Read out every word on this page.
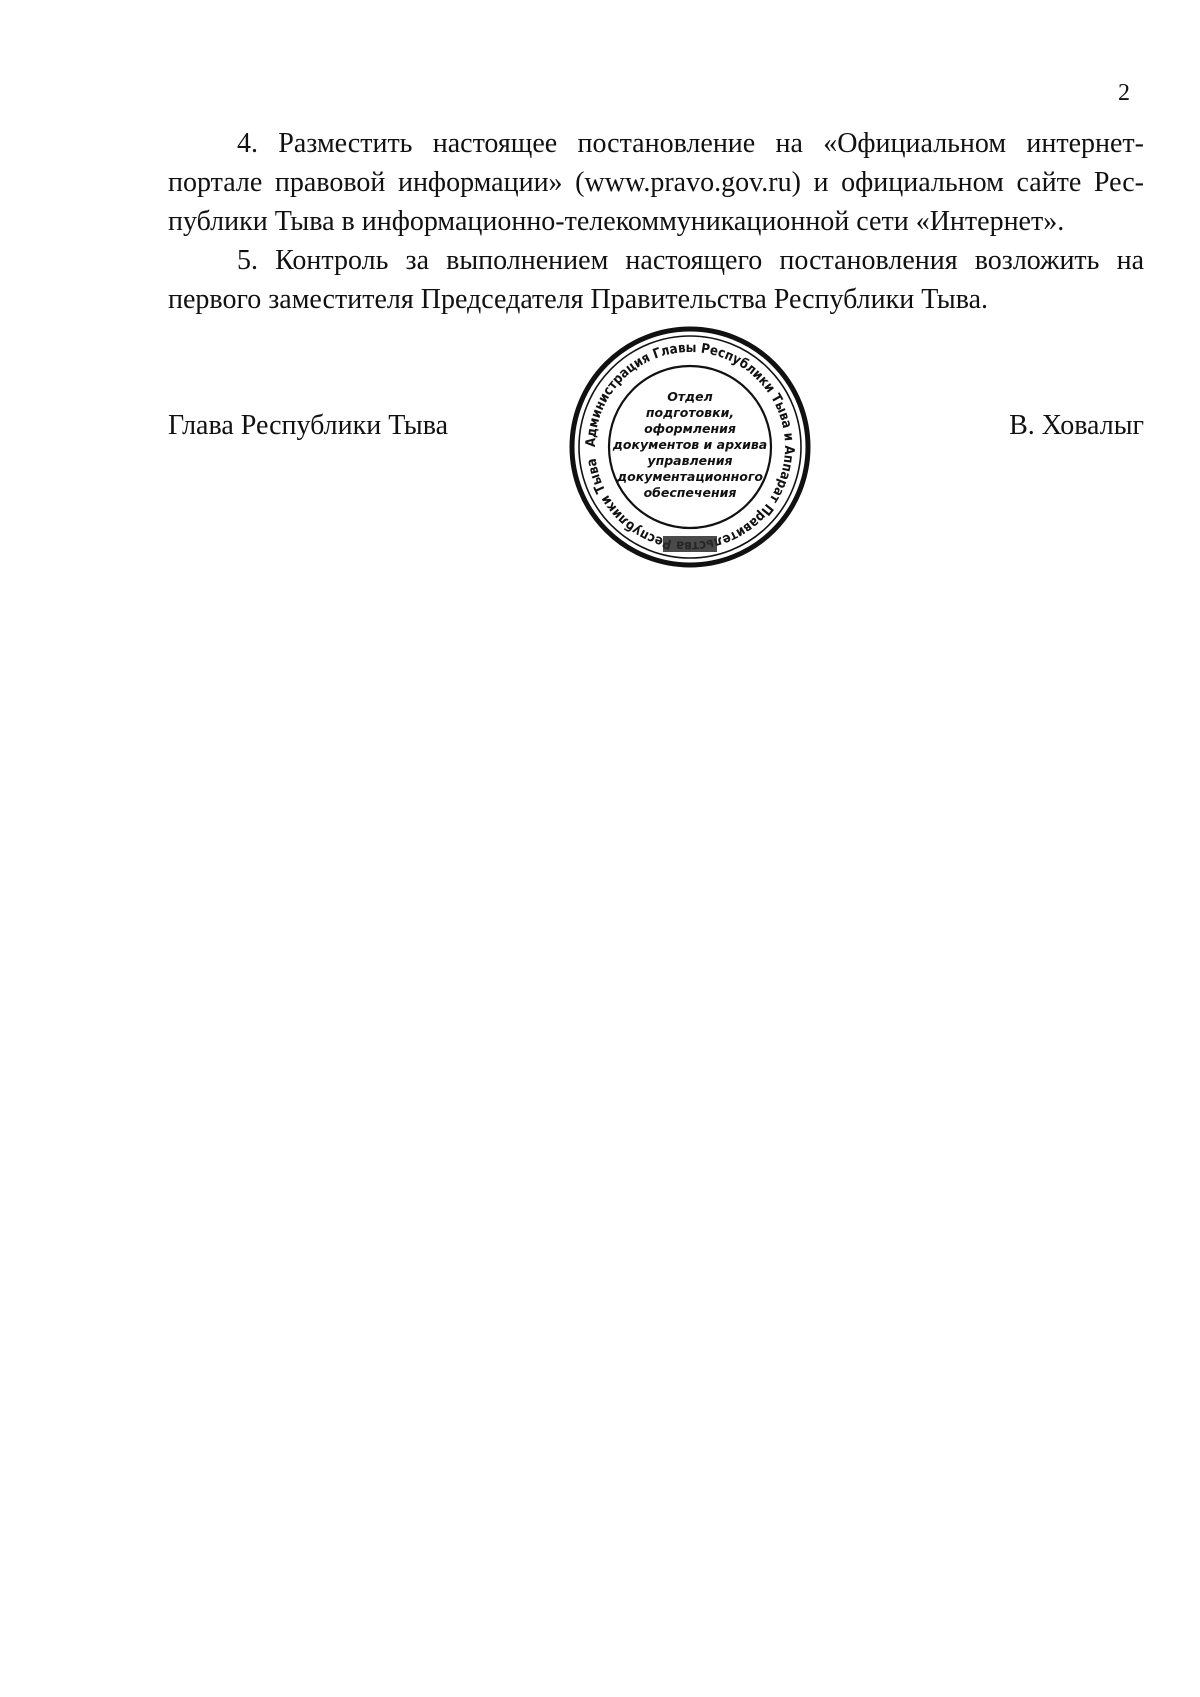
2

4. Разместить настоящее постановление на «Официальном интернет-портале правовой информации» (www.pravo.gov.ru) и официальном сайте Республики Тыва в информационно-телекоммуникационной сети «Интернет».

5. Контроль за выполнением настоящего постановления возложить на первого заместителя Председателя Правительства Республики Тыва.

Глава Республики Тыва	В. Ховалыг
Администрация Главы Республики Тыва и Аппарат Правител еспублики Тыва
Отдел
подготовки,
оформления
документов и архива
управления
документационного
обеспечения
